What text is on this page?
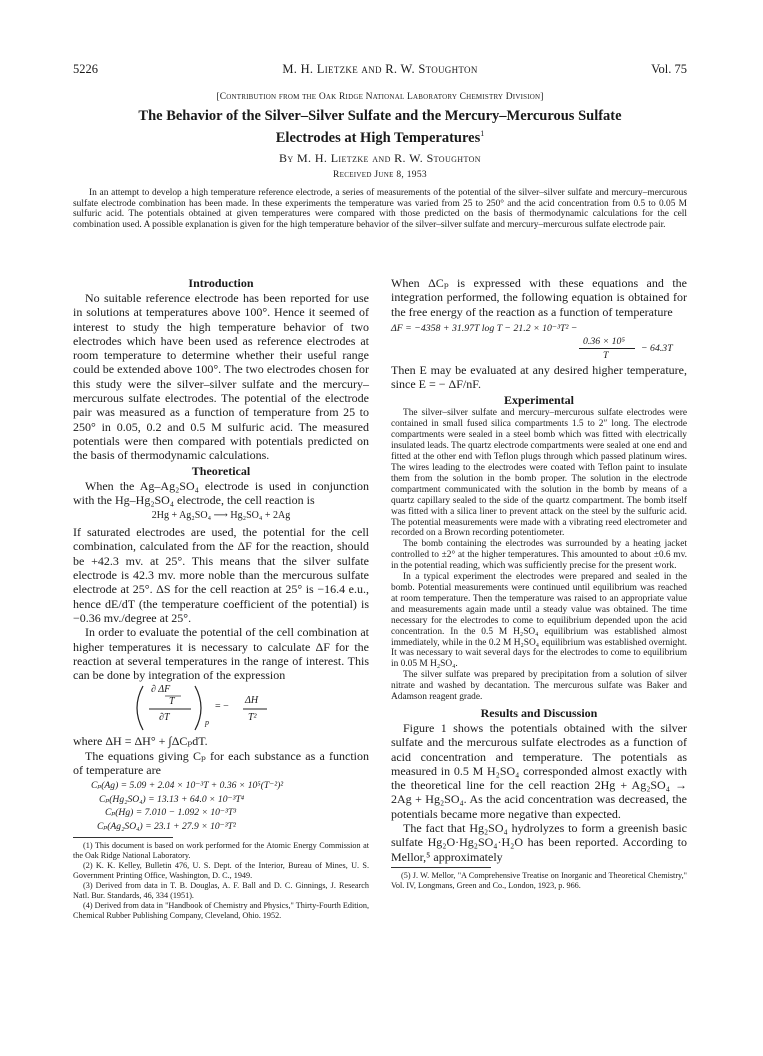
5226	M. H. Lietzke and R. W. Stoughton	Vol. 75
[Contribution from the Oak Ridge National Laboratory Chemistry Division]
The Behavior of the Silver–Silver Sulfate and the Mercury–Mercurous Sulfate
Electrodes at High Temperatures$^1$
By M. H. Lietzke and R. W. Stoughton
Received June 8, 1953
In an attempt to develop a high temperature reference electrode, a series of measurements of the potential of the silver–silver sulfate and mercury–mercurous sulfate electrode combination has been made. In these experiments the temperature was varied from 25 to 250° and the acid concentration from 0.5 to 0.05 M sulfuric acid. The potentials obtained at given temperatures were compared with those predicted on the basis of thermodynamic calculations for the cell combination used. A possible explanation is given for the high temperature behavior of the silver–silver sulfate and mercury–mercurous sulfate electrode pair.
Introduction
No suitable reference electrode has been reported for use in solutions at temperatures above 100°. Hence it seemed of interest to study the high temperature behavior of two electrodes which have been used as reference electrodes at room temperature to determine whether their useful range could be extended above 100°. The two electrodes chosen for this study were the silver–silver sulfate and the mercury–mercurous sulfate electrodes. The potential of the electrode pair was measured as a function of temperature from 25 to 250° in 0.05, 0.2 and 0.5 M sulfuric acid. The measured potentials were then compared with potentials predicted on the basis of thermodynamic calculations.
Theoretical
When the Ag–Ag₂SO₄ electrode is used in conjunction with the Hg–Hg₂SO₄ electrode, the cell reaction is
2Hg + Ag₂SO₄ ⟶ Hg₂SO₄ + 2Ag
If saturated electrodes are used, the potential for the cell combination, calculated from the ΔF for the reaction, should be +42.3 mv. at 25°. This means that the silver sulfate electrode is 42.3 mv. more noble than the mercurous sulfate electrode at 25°. ΔS for the cell reaction at 25° is −16.4 e.u., hence dE/dT (the temperature coefficient of the potential) is −0.36 mv./degree at 25°.
In order to evaluate the potential of the cell combination at higher temperatures it is necessary to calculate ΔF for the reaction at several temperatures in the range of interest. This can be done by integration of the expression
∂ ΔF
T
∂T	p
= −
ΔH
T²
where ΔH = ΔH° + ∫ΔCₚdT.
The equations giving Cₚ for each substance as a function of temperature are
Cₚ(Ag) = 5.09 + 2.04 × 10⁻³T + 0.36 × 10⁵(T⁻²)²
Cₚ(Hg₂SO₄) = 13.13 + 64.0 × 10⁻³T⁴
Cₚ(Hg) = 7.010 − 1.092 × 10⁻³T³
Cₚ(Ag₂SO₄) = 23.1 + 27.9 × 10⁻³T²
(1) This document is based on work performed for the Atomic Energy Commission at the Oak Ridge National Laboratory.
(2) K. K. Kelley, Bulletin 476, U. S. Dept. of the Interior, Bureau of Mines, U. S. Government Printing Office, Washington, D. C., 1949.
(3) Derived from data in T. B. Douglas, A. F. Ball and D. C. Ginnings, J. Research Natl. Bur. Standards, 46, 334 (1951).
(4) Derived from data in "Handbook of Chemistry and Physics," Thirty-Fourth Edition, Chemical Rubber Publishing Company, Cleveland, Ohio. 1952.
When ΔCₚ is expressed with these equations and the integration performed, the following equation is obtained for the free energy of the reaction as a function of temperature
ΔF = −4358 + 31.97T log T − 21.2 × 10⁻³T² −
0.36 × 10⁵
T
− 64.3T
Then E may be evaluated at any desired higher temperature, since E = − ΔF/nF.
Experimental
The silver–silver sulfate and mercury–mercurous sulfate electrodes were contained in small fused silica compartments 1.5 to 2″ long. The electrode compartments were sealed in a steel bomb which was fitted with electrically insulated leads. The quartz electrode compartments were sealed at one end and fitted at the other end with Teflon plugs through which passed platinum wires. The wires leading to the electrodes were coated with Teflon paint to insulate them from the solution in the bomb proper. The solution in the electrode compartment communicated with the solution in the bomb by means of a quartz capillary sealed to the side of the quartz compartment. The bomb itself was fitted with a silica liner to prevent attack on the steel by the sulfuric acid. The potential measurements were made with a vibrating reed electrometer and recorded on a Brown recording potentiometer.
The bomb containing the electrodes was surrounded by a heating jacket controlled to ±2° at the higher temperatures. This amounted to about ±0.6 mv. in the potential reading, which was sufficiently precise for the present work.
In a typical experiment the electrodes were prepared and sealed in the bomb. Potential measurements were continued until equilibrium was reached at room temperature. Then the temperature was raised to an appropriate value and measurements again made until a steady value was obtained. The time necessary for the electrodes to come to equilibrium depended upon the acid concentration. In the 0.5 M H₂SO₄ equilibrium was established almost immediately, while in the 0.2 M H₂SO₄ equilibrium was established overnight. It was necessary to wait several days for the electrodes to come to equilibrium in 0.05 M H₂SO₄.
The silver sulfate was prepared by precipitation from a solution of silver nitrate and washed by decantation. The mercurous sulfate was Baker and Adamson reagent grade.
Results and Discussion
Figure 1 shows the potentials obtained with the silver sulfate and the mercurous sulfate electrodes as a function of acid concentration and temperature. The potentials as measured in 0.5 M H₂SO₄ corresponded almost exactly with the theoretical line for the cell reaction 2Hg + Ag₂SO₄ → 2Ag + Hg₂SO₄. As the acid concentration was decreased, the potentials became more negative than expected.
The fact that Hg₂SO₄ hydrolyzes to form a greenish basic sulfate Hg₂O·Hg₂SO₄·H₂O has been reported. According to Mellor,⁵ approximately
(5) J. W. Mellor, "A Comprehensive Treatise on Inorganic and Theoretical Chemistry," Vol. IV, Longmans, Green and Co., London, 1923, p. 966.
